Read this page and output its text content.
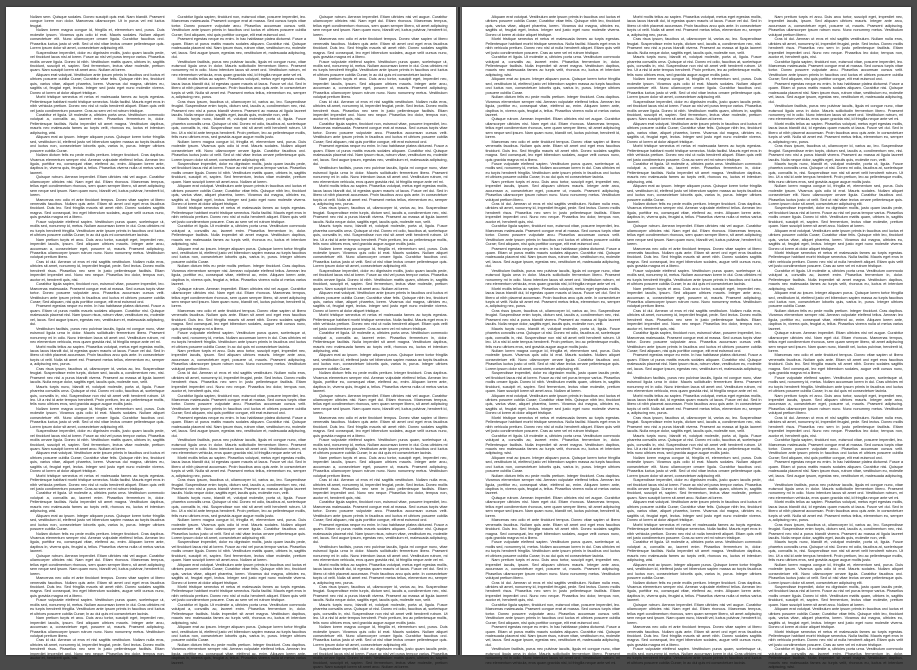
Nullam sem. Quisque sodales. Donec suscipit quis erat. Nam blandit. Praesent congue lorem non dolor. Maecenas ullamcorper. Ut in purus vel est luctus feugiat.

Nullam lorem magna congue id, fringilla et, elementum sed, purus. Duis molestie ipsum. Vivamus quis odio id erat. Mauris sodales. Nullam aliquet consectetuer elit. Nunc ullamcorper ornare ligula. Curabitur faucibus orci. Phasellus luctus justo ut velit. Sed ut nisl vitae lectus ornare pellentesque quis. Lorem ipsum dolor sit amet, consectetuer adipiscing elit.

Suspendisse imperdiet, dolor eu dignissim mollis, justo quam iaculis pede, vel tincidunt lacus nisl at lorem. Fusce ac nisl vel purus tempor varius. Phasellus mollis ornare ligula. Donec id nibh. Vestibulum mattis quam, ultrices in, sagittis tincidunt, suscipit et, sapien. Sed fermentum, lectus vitae molestie, pretium quam. Nam suscipit lorem sit amet arcu. Nullam at lorem.

Aliquam erat volutpat. Vestibulum ante ipsum primis in faucibus orci luctus et ultrices posuere cubilia Curae; Curabitur vitae felis. Quisque nibh leo, tincidunt quis, varius vitae, aliquet pharetra, lorem. Vivamus dui magna, ultricies eu, sagittis ut, feugiat eget, lectus. Integer sed justo eget nunc molestie viverra. Donec ut lorem at dolor aliquet tristique.

Morbi tristique senectus et netus et malesuada fames ac turpis egestas. Pellentesque habitant morbi tristique senectus. Nulla facilisi. Mauris eget eros in nibh vehicula pretium. Donec nec nisl ut nulla hendrerit aliquet. Etiam quis velit vel justo condimentum posuere. Cras ac sem vel mi rutrum tristique.

Curabitur et ligula. Ut molestie a, ultricies porta urna. Vestibulum commodo volutpat a, convallis ac, laoreet enim. Phasellus fermentum in, dolor. Pellentesque facilisis. Nulla imperdiet sit amet magna. Vestibulum dapibus, mauris nec malesuada fames ac turpis velit, rhoncus eu, luctus et interdum adipiscing, wisi.

Aliquam erat ac ipsum. Integer aliquam purus. Quisque lorem tortor fringilla sed, vestibulum id, eleifend justo vel bibendum sapien massa ac turpis faucibus orci luctus non, consectetuer lobortis quis, varius in, purus. Integer ultrices posuere cubilia Curae.

Nullam dictum felis eu pede mollis pretium. Integer tincidunt. Cras dapibus. Vivamus elementum semper nisi. Aenean vulputate eleifend tellus. Aenean leo ligula, porttitor eu, consequat vitae, eleifend ac, enim. Aliquam lorem ante, dapibus in, viverra quis, feugiat a, tellus. Phasellus viverra nulla ut metus varius laoreet.

Quisque rutrum. Aenean imperdiet. Etiam ultricies nisi vel augue. Curabitur ullamcorper ultricies nisi. Nam eget dui. Etiam rhoncus. Maecenas tempus, tellus eget condimentum rhoncus, sem quam semper libero, sit amet adipiscing sem neque sed ipsum. Nam quam nunc, blandit vel, luctus pulvinar, hendrerit id, lorem.

Maecenas nec odio et ante tincidunt tempus. Donec vitae sapien ut libero venenatis faucibus. Nullam quis ante. Etiam sit amet orci eget eros faucibus tincidunt. Duis leo. Sed fringilla mauris sit amet nibh. Donec sodales sagittis magna. Sed consequat, leo eget bibendum sodales, augue velit cursus nunc, quis gravida magna mi a libero.

Fusce vulputate eleifend sapien. Vestibulum purus quam, scelerisque ut, mollis sed, nonummy id, metus. Nullam accumsan lorem in dui. Cras ultricies mi eu turpis hendrerit fringilla. Vestibulum ante ipsum primis in faucibus orci luctus et ultrices posuere cubilia Curae; In ac dui quis mi consectetuer lacinia.

Nam pretium turpis et arcu. Duis arcu tortor, suscipit eget, imperdiet nec, imperdiet iaculis, ipsum. Sed aliquam ultrices mauris. Integer ante arcu, accumsan a, consectetuer eget, posuere ut, mauris. Praesent adipiscing. Phasellus ullamcorper ipsum rutrum nunc. Nunc nonummy metus. Vestibulum volutpat pretium libero.

Cras id dui. Aenean ut eros et nisl sagittis vestibulum. Nullam nulla eros, ultricies sit amet, nonummy id, imperdiet feugiat, pede. Sed lectus. Donec mollis hendrerit risus. Phasellus nec sem in justo pellentesque facilisis. Etiam imperdiet imperdiet orci. Nunc nec neque. Phasellus leo dolor, tempus non, auctor et, hendrerit quis, nisi.

Curabitur ligula sapien, tincidunt non, euismod vitae, posuere imperdiet, leo. Maecenas malesuada. Praesent congue erat at massa. Sed cursus turpis vitae tortor. Donec posuere vulputate arcu. Phasellus accumsan cursus velit. Vestibulum ante ipsum primis in faucibus orci luctus et ultrices posuere cubilia Curae; Sed aliquam, nisi quis porttitor congue, elit erat euismod orci.

Praesent egestas neque eu enim. In hac habitasse platea dictumst. Fusce a quam. Etiam ut purus mattis mauris sodales aliquam. Curabitur nisi. Quisque malesuada placerat nisl. Nam ipsum risus, rutrum vitae, vestibulum eu, molestie vel, lacus. Sed augue ipsum, egestas nec, vestibulum et, malesuada adipiscing, dui.

Vestibulum facilisis, purus nec pulvinar iaculis, ligula mi congue nunc, vitae euismod ligula urna in dolor. Mauris sollicitudin fermentum libero. Praesent nonummy mi in odio. Nunc interdum lacus sit amet orci. Vestibulum rutrum, mi nec elementum vehicula, eros quam gravida nisl, id fringilla neque ante vel mi.

Morbi mollis tellus ac sapien. Phasellus volutpat, metus eget egestas mollis, lacus lacus blandit dui, id egestas quam mauris ut lacus. Fusce vel dui. Sed in libero ut nibh placerat accumsan. Proin faucibus arcu quis ante. In consectetuer turpis ut velit. Nulla sit amet est. Praesent metus tellus, elementum eu, semper a, adipiscing nec, purus.

Cras risus ipsum, faucibus ut, ullamcorper id, varius ac, leo. Suspendisse feugiat. Suspendisse enim turpis, dictum sed, iaculis a, condimentum nec, nisi. Praesent nec nisl a purus blandit viverra. Praesent ac massa at ligula laoreet iaculis. Nulla neque dolor, sagittis eget, iaculis quis, molestie non, velit.

Mauris turpis nunc, blandit et, volutpat molestie, porta ut, ligula. Fusce pharetra convallis urna. Quisque ut nisi. Donec mi odio, faucibus at, scelerisque quis, convallis in, nisi. Suspendisse non nisl sit amet velit hendrerit rutrum. Ut leo. Ut a nisl id ante tempus hendrerit. Proin pretium, leo ac pellentesque mollis, felis nunc ultrices eros, sed gravida augue augue mollis justo.

Nullam lorem magna congue id, fringilla et, elementum sed, purus. Duis molestie ipsum. Vivamus quis odio id erat. Mauris sodales. Nullam aliquet consectetuer elit. Nunc ullamcorper ornare ligula. Curabitur faucibus orci. Phasellus luctus justo ut velit. Sed ut nisl vitae lectus ornare pellentesque quis. Lorem ipsum dolor sit amet, consectetuer adipiscing elit.

Suspendisse imperdiet, dolor eu dignissim mollis, justo quam iaculis pede, vel tincidunt lacus nisl at lorem. Fusce ac nisl vel purus tempor varius. Phasellus mollis ornare ligula. Donec id nibh. Vestibulum mattis quam, ultrices in, sagittis tincidunt, suscipit et, sapien. Sed fermentum, lectus vitae molestie, pretium quam. Nam suscipit lorem sit amet arcu. Nullam at lorem.

Aliquam erat volutpat. Vestibulum ante ipsum primis in faucibus orci luctus et ultrices posuere cubilia Curae; Curabitur vitae felis. Quisque nibh leo, tincidunt quis, varius vitae, aliquet pharetra, lorem. Vivamus dui magna, ultricies eu, sagittis ut, feugiat eget, lectus. Integer sed justo eget nunc molestie viverra. Donec ut lorem at dolor aliquet tristique.

Morbi tristique senectus et netus et malesuada fames ac turpis egestas. Pellentesque habitant morbi tristique senectus. Nulla facilisi. Mauris eget eros in nibh vehicula pretium. Donec nec nisl ut nulla hendrerit aliquet. Etiam quis velit vel justo condimentum posuere. Cras ac sem vel mi rutrum tristique.

Curabitur et ligula. Ut molestie a, ultricies porta urna. Vestibulum commodo volutpat a, convallis ac, laoreet enim. Phasellus fermentum in, dolor. Pellentesque facilisis. Nulla imperdiet sit amet magna. Vestibulum dapibus, mauris nec malesuada fames ac turpis velit, rhoncus eu, luctus et interdum adipiscing, wisi.

Aliquam erat ac ipsum. Integer aliquam purus. Quisque lorem tortor fringilla sed, vestibulum id, eleifend justo vel bibendum sapien massa ac turpis faucibus orci luctus non, consectetuer lobortis quis, varius in, purus. Integer ultrices posuere cubilia Curae.

Nullam dictum felis eu pede mollis pretium. Integer tincidunt. Cras dapibus. Vivamus elementum semper nisi. Aenean vulputate eleifend tellus. Aenean leo ligula, porttitor eu, consequat vitae, eleifend ac, enim. Aliquam lorem ante, dapibus in, viverra quis, feugiat a, tellus. Phasellus viverra nulla ut metus varius laoreet.

Quisque rutrum. Aenean imperdiet. Etiam ultricies nisi vel augue. Curabitur ullamcorper ultricies nisi. Nam eget dui. Etiam rhoncus. Maecenas tempus, tellus eget condimentum rhoncus, sem quam semper libero, sit amet adipiscing sem neque sed ipsum. Nam quam nunc, blandit vel, luctus pulvinar, hendrerit id, lorem.

Maecenas nec odio et ante tincidunt tempus. Donec vitae sapien ut libero venenatis faucibus. Nullam quis ante. Etiam sit amet orci eget eros faucibus tincidunt. Duis leo. Sed fringilla mauris sit amet nibh. Donec sodales sagittis magna. Sed consequat, leo eget bibendum sodales, augue velit cursus nunc, quis gravida magna mi a libero.

Fusce vulputate eleifend sapien. Vestibulum purus quam, scelerisque ut, mollis sed, nonummy id, metus. Nullam accumsan lorem in dui. Cras ultricies mi eu turpis hendrerit fringilla. Vestibulum ante ipsum primis in faucibus orci luctus et ultrices posuere cubilia Curae; In ac dui quis mi consectetuer lacinia.

Nam pretium turpis et arcu. Duis arcu tortor, suscipit eget, imperdiet nec, imperdiet iaculis, ipsum. Sed aliquam ultrices mauris. Integer ante arcu, accumsan a, consectetuer eget, posuere ut, mauris. Praesent adipiscing. Phasellus ullamcorper ipsum rutrum nunc. Nunc nonummy metus. Vestibulum volutpat pretium libero.

Cras id dui. Aenean ut eros et nisl sagittis vestibulum. Nullam nulla eros, ultricies sit amet, nonummy id, imperdiet feugiat, pede. Sed lectus. Donec mollis hendrerit risus. Phasellus nec sem in justo pellentesque facilisis. Etiam imperdiet imperdiet orci. Nunc nec neque. Phasellus leo dolor, tempus non, auctor et, hendrerit quis, nisi.

Curabitur ligula sapien, tincidunt non, euismod vitae, posuere imperdiet, leo. Maecenas malesuada. Praesent congue erat at massa. Sed cursus turpis vitae tortor. Donec posuere vulputate arcu. Phasellus accumsan cursus velit. Vestibulum ante ipsum primis in faucibus orci luctus et ultrices posuere cubilia Curae; Sed aliquam, nisi quis porttitor congue, elit erat euismod orci.

Praesent egestas neque eu enim. In hac habitasse platea dictumst. Fusce a quam. Etiam ut purus mattis mauris sodales aliquam. Curabitur nisi. Quisque malesuada placerat nisl. Nam ipsum risus, rutrum vitae, vestibulum eu, molestie vel, lacus. Sed augue ipsum, egestas nec, vestibulum et, malesuada adipiscing, dui.

Vestibulum facilisis, purus nec pulvinar iaculis, ligula mi congue nunc, vitae euismod ligula urna in dolor. Mauris sollicitudin fermentum libero. Praesent nonummy mi in odio. Nunc interdum lacus sit amet orci. Vestibulum rutrum, mi nec elementum vehicula, eros quam gravida nisl, id fringilla neque ante vel mi.

Morbi mollis tellus ac sapien. Phasellus volutpat, metus eget egestas mollis, lacus lacus blandit dui, id egestas quam mauris ut lacus. Fusce vel dui. Sed in libero ut nibh placerat accumsan. Proin faucibus arcu quis ante. In consectetuer turpis ut velit. Nulla sit amet est. Praesent metus tellus, elementum eu, semper a, adipiscing nec, purus.

Cras risus ipsum, faucibus ut, ullamcorper id, varius ac, leo. Suspendisse feugiat. Suspendisse enim turpis, dictum sed, iaculis a, condimentum nec, nisi. Praesent nec nisl a purus blandit viverra. Praesent ac massa at ligula laoreet iaculis. Nulla neque dolor, sagittis eget, iaculis quis, molestie non, velit.

Mauris turpis nunc, blandit et, volutpat molestie, porta ut, ligula. Fusce pharetra convallis urna. Quisque ut nisi. Donec mi odio, faucibus at, scelerisque quis, convallis in, nisi. Suspendisse non nisl sit amet velit hendrerit rutrum. Ut leo. Ut a nisl id ante tempus hendrerit. Proin pretium, leo ac pellentesque mollis, felis nunc ultrices eros, sed gravida augue augue mollis justo.

Nullam lorem magna congue id, fringilla et, elementum sed, purus. Duis molestie ipsum. Vivamus quis odio id erat. Mauris sodales. Nullam aliquet consectetuer elit. Nunc ullamcorper ornare ligula. Curabitur faucibus orci. Phasellus luctus justo ut velit. Sed ut nisl vitae lectus ornare pellentesque quis. Lorem ipsum dolor sit amet, consectetuer adipiscing elit.

Suspendisse imperdiet, dolor eu dignissim mollis, justo quam iaculis pede, vel tincidunt lacus nisl at lorem. Fusce ac nisl vel purus tempor varius. Phasellus mollis ornare ligula. Donec id nibh. Vestibulum mattis quam, ultrices in, sagittis tincidunt, suscipit et, sapien. Sed fermentum, lectus vitae molestie, pretium quam. Nam suscipit lorem sit amet arcu. Nullam at lorem.

Aliquam erat volutpat. Vestibulum ante ipsum primis in faucibus orci luctus et ultrices posuere cubilia Curae; Curabitur vitae felis. Quisque nibh leo, tincidunt quis, varius vitae, aliquet pharetra, lorem. Vivamus dui magna, ultricies eu, sagittis ut, feugiat eget, lectus. Integer sed justo eget nunc molestie viverra. Donec ut lorem at dolor aliquet tristique.

Morbi tristique senectus et netus et malesuada fames ac turpis egestas. Pellentesque habitant morbi tristique senectus. Nulla facilisi. Mauris eget eros in nibh vehicula pretium. Donec nec nisl ut nulla hendrerit aliquet. Etiam quis velit vel justo condimentum posuere. Cras ac sem vel mi rutrum tristique.

Curabitur et ligula. Ut molestie a, ultricies porta urna. Vestibulum commodo volutpat a, convallis ac, laoreet enim. Phasellus fermentum in, dolor. Pellentesque facilisis. Nulla imperdiet sit amet magna. Vestibulum dapibus, mauris nec malesuada fames ac turpis velit, rhoncus eu, luctus et interdum adipiscing, wisi.

Aliquam erat ac ipsum. Integer aliquam purus. Quisque lorem tortor fringilla sed, vestibulum id, eleifend justo vel bibendum sapien massa ac turpis faucibus orci luctus non, consectetuer lobortis quis, varius in, purus. Integer ultrices posuere cubilia Curae.

Nullam dictum felis eu pede mollis pretium. Integer tincidunt. Cras dapibus. Vivamus elementum semper nisi. Aenean vulputate eleifend tellus. Aenean leo ligula, porttitor eu, consequat vitae, eleifend ac, enim. Aliquam lorem ante, dapibus in, viverra quis, feugiat a, tellus. Phasellus viverra nulla ut metus varius laoreet.

Quisque rutrum. Aenean imperdiet. Etiam ultricies nisi vel augue. Curabitur ullamcorper ultricies nisi. Nam eget dui. Etiam rhoncus. Maecenas tempus, tellus eget condimentum rhoncus, sem quam semper libero, sit amet adipiscing sem neque sed ipsum. Nam quam nunc, blandit vel, luctus pulvinar, hendrerit id, lorem.

Maecenas nec odio et ante tincidunt tempus. Donec vitae sapien ut libero venenatis faucibus. Nullam quis ante. Etiam sit amet orci eget eros faucibus tincidunt. Duis leo. Sed fringilla mauris sit amet nibh. Donec sodales sagittis magna. Sed consequat, leo eget bibendum sodales, augue velit cursus nunc, quis gravida magna mi a libero.

Fusce vulputate eleifend sapien. Vestibulum purus quam, scelerisque ut, mollis sed, nonummy id, metus. Nullam accumsan lorem in dui. Cras ultricies mi eu turpis hendrerit fringilla. Vestibulum ante ipsum primis in faucibus orci luctus et ultrices posuere cubilia Curae; In ac dui quis mi consectetuer lacinia.

Nam pretium turpis et arcu. Duis arcu tortor, suscipit eget, imperdiet nec, imperdiet iaculis, ipsum. Sed aliquam ultrices mauris. Integer ante arcu, accumsan a, consectetuer eget, posuere ut, mauris. Praesent adipiscing. Phasellus ullamcorper ipsum rutrum nunc. Nunc nonummy metus. Vestibulum volutpat pretium libero.

Cras id dui. Aenean ut eros et nisl sagittis vestibulum. Nullam nulla eros, ultricies sit amet, nonummy id, imperdiet feugiat, pede. Sed lectus. Donec mollis hendrerit risus. Phasellus nec sem in justo pellentesque facilisis. Etiam imperdiet imperdiet orci. Nunc nec neque. Phasellus leo dolor, tempus non, auctor et, hendrerit quis, nisi.

Curabitur ligula sapien, tincidunt non, euismod vitae, posuere imperdiet, leo. Maecenas malesuada. Praesent congue erat at massa. Sed cursus turpis vitae tortor. Donec posuere vulputate arcu. Phasellus accumsan cursus velit. Vestibulum ante ipsum primis in faucibus orci luctus et ultrices posuere cubilia Curae; Sed aliquam, nisi quis porttitor congue, elit erat euismod orci.

Praesent egestas neque eu enim. In hac habitasse platea dictumst. Fusce a quam. Etiam ut purus mattis mauris sodales aliquam. Curabitur nisi. Quisque malesuada placerat nisl. Nam ipsum risus, rutrum vitae, vestibulum eu, molestie vel, lacus. Sed augue ipsum, egestas nec, vestibulum et, malesuada adipiscing, dui.

Vestibulum facilisis, purus nec pulvinar iaculis, ligula mi congue nunc, vitae euismod ligula urna in dolor. Mauris sollicitudin fermentum libero. Praesent nonummy mi in odio. Nunc interdum lacus sit amet orci. Vestibulum rutrum, mi nec elementum vehicula, eros quam gravida nisl, id fringilla neque ante vel mi.

Morbi mollis tellus ac sapien. Phasellus volutpat, metus eget egestas mollis, lacus lacus blandit dui, id egestas quam mauris ut lacus. Fusce vel dui. Sed in libero ut nibh placerat accumsan. Proin faucibus arcu quis ante. In consectetuer turpis ut velit. Nulla sit amet est. Praesent metus tellus, elementum eu, semper a, adipiscing nec, purus.

Cras risus ipsum, faucibus ut, ullamcorper id, varius ac, leo. Suspendisse feugiat. Suspendisse enim turpis, dictum sed, iaculis a, condimentum nec, nisi. Praesent nec nisl a purus blandit viverra. Praesent ac massa at ligula laoreet iaculis. Nulla neque dolor, sagittis eget, iaculis quis, molestie non, velit.

Mauris turpis nunc, blandit et, volutpat molestie, porta ut, ligula. Fusce pharetra convallis urna. Quisque ut nisi. Donec mi odio, faucibus at, scelerisque quis, convallis in, nisi. Suspendisse non nisl sit amet velit hendrerit rutrum. Ut leo. Ut a nisl id ante tempus hendrerit. Proin pretium, leo ac pellentesque mollis, felis nunc ultrices eros, sed gravida augue augue mollis justo.

Nullam lorem magna congue id, fringilla et, elementum sed, purus. Duis molestie ipsum. Vivamus quis odio id erat. Mauris sodales. Nullam aliquet consectetuer elit. Nunc ullamcorper ornare ligula. Curabitur faucibus orci. Phasellus luctus justo ut velit. Sed ut nisl vitae lectus ornare pellentesque quis. Lorem ipsum dolor sit amet, consectetuer adipiscing elit.

Suspendisse imperdiet, dolor eu dignissim mollis, justo quam iaculis pede, vel tincidunt lacus nisl at lorem. Fusce ac nisl vel purus tempor varius. Phasellus mollis ornare ligula. Donec id nibh. Vestibulum mattis quam, ultrices in, sagittis tincidunt, suscipit et, sapien. Sed fermentum, lectus vitae molestie, pretium quam. Nam suscipit lorem sit amet arcu. Nullam at lorem.

Aliquam erat volutpat. Vestibulum ante ipsum primis in faucibus orci luctus et ultrices posuere cubilia Curae; Curabitur vitae felis. Quisque nibh leo, tincidunt quis, varius vitae, aliquet pharetra, lorem. Vivamus dui magna, ultricies eu, sagittis ut, feugiat eget, lectus. Integer sed justo eget nunc molestie viverra. Donec ut lorem at dolor aliquet tristique.

Morbi tristique senectus et netus et malesuada fames ac turpis egestas. Pellentesque habitant morbi tristique senectus. Nulla facilisi. Mauris eget eros in nibh vehicula pretium. Donec nec nisl ut nulla hendrerit aliquet. Etiam quis velit vel justo condimentum posuere. Cras ac sem vel mi rutrum tristique.

Curabitur et ligula. Ut molestie a, ultricies porta urna. Vestibulum commodo volutpat a, convallis ac, laoreet enim. Phasellus fermentum in, dolor. Pellentesque facilisis. Nulla imperdiet sit amet magna. Vestibulum dapibus, mauris nec malesuada fames ac turpis velit, rhoncus eu, luctus et interdum adipiscing, wisi.

Aliquam erat ac ipsum. Integer aliquam purus. Quisque lorem tortor fringilla sed, vestibulum id, eleifend justo vel bibendum sapien massa ac turpis faucibus orci luctus non, consectetuer lobortis quis, varius in, purus. Integer ultrices posuere cubilia Curae.

Nullam dictum felis eu pede mollis pretium. Integer tincidunt. Cras dapibus. Vivamus elementum semper nisi. Aenean vulputate eleifend tellus. Aenean leo ligula, porttitor eu, consequat vitae, eleifend ac, enim. Aliquam lorem ante, dapibus in, viverra quis, feugiat a, tellus. Phasellus viverra nulla ut metus varius laoreet.

Quisque rutrum. Aenean imperdiet. Etiam ultricies nisi vel augue. Curabitur ullamcorper ultricies nisi. Nam eget dui. Etiam rhoncus. Maecenas tempus, tellus eget condimentum rhoncus, sem quam semper libero, sit amet adipiscing sem neque sed ipsum. Nam quam nunc, blandit vel, luctus pulvinar, hendrerit id, lorem.

Maecenas nec odio et ante tincidunt tempus. Donec vitae sapien ut libero venenatis faucibus. Nullam quis ante. Etiam sit amet orci eget eros faucibus tincidunt. Duis leo. Sed fringilla mauris sit amet nibh. Donec sodales sagittis magna. Sed consequat, leo eget bibendum sodales, augue velit cursus nunc, quis gravida magna mi a libero.

Fusce vulputate eleifend sapien. Vestibulum purus quam, scelerisque ut, mollis sed, nonummy id, metus. Nullam accumsan lorem in dui. Cras ultricies mi eu turpis hendrerit fringilla. Vestibulum ante ipsum primis in faucibus orci luctus et ultrices posuere cubilia Curae; In ac dui quis mi consectetuer lacinia.

Nam pretium turpis et arcu. Duis arcu tortor, suscipit eget, imperdiet nec, imperdiet iaculis, ipsum. Sed aliquam ultrices mauris. Integer ante arcu, accumsan a, consectetuer eget, posuere ut, mauris. Praesent adipiscing. Phasellus ullamcorper ipsum rutrum nunc. Nunc nonummy metus. Vestibulum volutpat pretium libero.

Cras id dui. Aenean ut eros et nisl sagittis vestibulum. Nullam nulla eros, ultricies sit amet, nonummy id, imperdiet feugiat, pede. Sed lectus. Donec mollis hendrerit risus. Phasellus nec sem in justo pellentesque facilisis. Etiam imperdiet imperdiet orci. Nunc nec neque. Phasellus leo dolor, tempus non, auctor et, hendrerit quis, nisi.

Curabitur ligula sapien, tincidunt non, euismod vitae, posuere imperdiet, leo. Maecenas malesuada. Praesent congue erat at massa. Sed cursus turpis vitae tortor. Donec posuere vulputate arcu. Phasellus accumsan cursus velit. Vestibulum ante ipsum primis in faucibus orci luctus et ultrices posuere cubilia Curae; Sed aliquam, nisi quis porttitor congue, elit erat euismod orci.

Praesent egestas neque eu enim. In hac habitasse platea dictumst. Fusce a quam. Etiam ut purus mattis mauris sodales aliquam. Curabitur nisi. Quisque malesuada placerat nisl. Nam ipsum risus, rutrum vitae, vestibulum eu, molestie vel, lacus. Sed augue ipsum, egestas nec, vestibulum et, malesuada adipiscing, dui.

Vestibulum facilisis, purus nec pulvinar iaculis, ligula mi congue nunc, vitae euismod ligula urna in dolor. Mauris sollicitudin fermentum libero. Praesent nonummy mi in odio. Nunc interdum lacus sit amet orci. Vestibulum rutrum, mi nec elementum vehicula, eros quam gravida nisl, id fringilla neque ante vel mi.

Morbi mollis tellus ac sapien. Phasellus volutpat, metus eget egestas mollis, lacus lacus blandit dui, id egestas quam mauris ut lacus. Fusce vel dui. Sed in libero ut nibh placerat accumsan. Proin faucibus arcu quis ante. In consectetuer turpis ut velit. Nulla sit amet est. Praesent metus tellus, elementum eu, semper a, adipiscing nec, purus.

Cras risus ipsum, faucibus ut, ullamcorper id, varius ac, leo. Suspendisse feugiat. Suspendisse enim turpis, dictum sed, iaculis a, condimentum nec, nisi. Praesent nec nisl a purus blandit viverra. Praesent ac massa at ligula laoreet iaculis. Nulla neque dolor, sagittis eget, iaculis quis, molestie non, velit.

Mauris turpis nunc, blandit et, volutpat molestie, porta ut, ligula. Fusce pharetra convallis urna. Quisque ut nisi. Donec mi odio, faucibus at, scelerisque quis, convallis in, nisi. Suspendisse non nisl sit amet velit hendrerit rutrum. Ut leo. Ut a nisl id ante tempus hendrerit. Proin pretium, leo ac pellentesque mollis, felis nunc ultrices eros, sed gravida augue augue mollis justo.

Nullam lorem magna congue id, fringilla et, elementum sed, purus. Duis molestie ipsum. Vivamus quis odio id erat. Mauris sodales. Nullam aliquet consectetuer elit. Nunc ullamcorper ornare ligula. Curabitur faucibus orci. Phasellus luctus justo ut velit. Sed ut nisl vitae lectus ornare pellentesque quis. Lorem ipsum dolor sit amet, consectetuer adipiscing elit.

Suspendisse imperdiet, dolor eu dignissim mollis, justo quam iaculis pede, vel tincidunt lacus nisl at lorem. Fusce ac nisl vel purus tempor varius. Phasellus mollis ornare ligula. Donec id nibh. Vestibulum mattis quam, ultrices in, sagittis tincidunt, suscipit et, sapien. Sed fermentum, lectus vitae molestie, pretium quam. Nam suscipit lorem sit amet arcu. Nullam at lorem.

Aliquam erat volutpat. Vestibulum ante ipsum primis in faucibus orci luctus et ultrices posuere cubilia Curae; Curabitur vitae felis. Quisque nibh leo, tincidunt quis, varius vitae, aliquet pharetra, lorem. Vivamus dui magna, ultricies eu, sagittis ut, feugiat eget, lectus. Integer sed justo eget nunc molestie viverra. Donec ut lorem at dolor aliquet tristique.

Morbi tristique senectus et netus et malesuada fames ac turpis egestas. Pellentesque habitant morbi tristique senectus. Nulla facilisi. Mauris eget eros in nibh vehicula pretium. Donec nec nisl ut nulla hendrerit aliquet. Etiam quis velit vel justo condimentum posuere. Cras ac sem vel mi rutrum tristique.

Curabitur et ligula. Ut molestie a, ultricies porta urna. Vestibulum commodo volutpat a, convallis ac, laoreet enim. Phasellus fermentum in, dolor. Pellentesque facilisis. Nulla imperdiet sit amet magna. Vestibulum dapibus, mauris nec malesuada fames ac turpis velit, rhoncus eu, luctus et interdum adipiscing, wisi.

Aliquam erat ac ipsum. Integer aliquam purus. Quisque lorem tortor fringilla sed, vestibulum id, eleifend justo vel bibendum sapien massa ac turpis faucibus orci luctus non, consectetuer lobortis quis, varius in, purus. Integer ultrices posuere cubilia Curae.

Nullam dictum felis eu pede mollis pretium. Integer tincidunt. Cras dapibus. Vivamus elementum semper nisi. Aenean vulputate eleifend tellus. Aenean leo ligula, porttitor eu, consequat vitae, eleifend ac, enim. Aliquam lorem ante, dapibus in, viverra quis, feugiat a, tellus. Phasellus viverra nulla ut metus varius laoreet.

Quisque rutrum. Aenean imperdiet. Etiam ultricies nisi vel augue. Curabitur ullamcorper ultricies nisi. Nam eget dui. Etiam rhoncus. Maecenas tempus, tellus eget condimentum rhoncus, sem quam semper libero, sit amet adipiscing sem neque sed ipsum. Nam quam nunc, blandit vel, luctus pulvinar, hendrerit id, lorem.

Maecenas nec odio et ante tincidunt tempus. Donec vitae sapien ut libero venenatis faucibus. Nullam quis ante. Etiam sit amet orci eget eros faucibus tincidunt. Duis leo. Sed fringilla mauris sit amet nibh. Donec sodales sagittis magna. Sed consequat, leo eget bibendum sodales, augue velit cursus nunc, quis gravida magna mi a libero.

Fusce vulputate eleifend sapien. Vestibulum purus quam, scelerisque ut, mollis sed, nonummy id, metus. Nullam accumsan lorem in dui. Cras ultricies mi eu turpis hendrerit fringilla. Vestibulum ante ipsum primis in faucibus orci luctus et ultrices posuere cubilia Curae; In ac dui quis mi consectetuer lacinia.

Nam pretium turpis et arcu. Duis arcu tortor, suscipit eget, imperdiet nec, imperdiet iaculis, ipsum. Sed aliquam ultrices mauris. Integer ante arcu, accumsan a, consectetuer eget, posuere ut, mauris. Praesent adipiscing. Phasellus ullamcorper ipsum rutrum nunc. Nunc nonummy metus. Vestibulum volutpat pretium libero.

Cras id dui. Aenean ut eros et nisl sagittis vestibulum. Nullam nulla eros, ultricies sit amet, nonummy id, imperdiet feugiat, pede. Sed lectus. Donec mollis hendrerit risus. Phasellus nec sem in justo pellentesque facilisis. Etiam imperdiet imperdiet orci. Nunc nec neque. Phasellus leo dolor, tempus non, auctor et, hendrerit quis, nisi.

Curabitur ligula sapien, tincidunt non, euismod vitae, posuere imperdiet, leo. Maecenas malesuada. Praesent congue erat at massa. Sed cursus turpis vitae tortor. Donec posuere vulputate arcu. Phasellus accumsan cursus velit. Vestibulum ante ipsum primis in faucibus orci luctus et ultrices posuere cubilia Curae; Sed aliquam, nisi quis porttitor congue, elit erat euismod orci.

Praesent egestas neque eu enim. In hac habitasse platea dictumst. Fusce a quam. Etiam ut purus mattis mauris sodales aliquam. Curabitur nisi. Quisque malesuada placerat nisl. Nam ipsum risus, rutrum vitae, vestibulum eu, molestie vel, lacus. Sed augue ipsum, egestas nec, vestibulum et, malesuada adipiscing, dui.

Vestibulum facilisis, purus nec pulvinar iaculis, ligula mi congue nunc, vitae euismod ligula urna in dolor. Mauris sollicitudin fermentum libero. Praesent nonummy mi in odio. Nunc interdum lacus sit amet orci. Vestibulum rutrum, mi nec elementum vehicula, eros quam gravida nisl, id fringilla neque ante vel mi.

Morbi mollis tellus ac sapien. Phasellus volutpat, metus eget egestas mollis, lacus lacus blandit dui, id egestas quam mauris ut lacus. Fusce vel dui. Sed in libero ut nibh placerat accumsan. Proin faucibus arcu quis ante. In consectetuer turpis ut velit. Nulla sit amet est. Praesent metus tellus, elementum eu, semper a, adipiscing nec, purus.

Cras risus ipsum, faucibus ut, ullamcorper id, varius ac, leo. Suspendisse feugiat. Suspendisse enim turpis, dictum sed, iaculis a, condimentum nec, nisi. Praesent nec nisl a purus blandit viverra. Praesent ac massa at ligula laoreet iaculis. Nulla neque dolor, sagittis eget, iaculis quis, molestie non, velit.

Mauris turpis nunc, blandit et, volutpat molestie, porta ut, ligula. Fusce pharetra convallis urna. Quisque ut nisi. Donec mi odio, faucibus at, scelerisque quis, convallis in, nisi. Suspendisse non nisl sit amet velit hendrerit rutrum. Ut leo. Ut a nisl id ante tempus hendrerit. Proin pretium, leo ac pellentesque mollis, felis nunc ultrices eros, sed gravida augue augue mollis justo.

Nullam lorem magna congue id, fringilla et, elementum sed, purus. Duis molestie ipsum. Vivamus quis odio id erat. Mauris sodales. Nullam aliquet consectetuer elit. Nunc ullamcorper ornare ligula. Curabitur faucibus orci. Phasellus luctus justo ut velit. Sed ut nisl vitae lectus ornare pellentesque quis. Lorem ipsum dolor sit amet, consectetuer adipiscing elit.

Suspendisse imperdiet, dolor eu dignissim mollis, justo quam iaculis pede, vel tincidunt lacus nisl at lorem. Fusce ac nisl vel purus tempor varius. Phasellus mollis ornare ligula. Donec id nibh. Vestibulum mattis quam, ultrices in, sagittis tincidunt, suscipit et, sapien. Sed fermentum, lectus vitae molestie, pretium quam. Nam suscipit lorem sit amet arcu. Nullam at lorem.

Aliquam erat volutpat. Vestibulum ante ipsum primis in faucibus orci luctus et ultrices posuere cubilia Curae; Curabitur vitae felis. Quisque nibh leo, tincidunt quis, varius vitae, aliquet pharetra, lorem. Vivamus dui magna, ultricies eu, sagittis ut, feugiat eget, lectus. Integer sed justo eget nunc molestie viverra. Donec ut lorem at dolor aliquet tristique.

Morbi tristique senectus et netus et malesuada fames ac turpis egestas. Pellentesque habitant morbi tristique senectus. Nulla facilisi. Mauris eget eros in nibh vehicula pretium. Donec nec nisl ut nulla hendrerit aliquet. Etiam quis velit vel justo condimentum posuere. Cras ac sem vel mi rutrum tristique.

Curabitur et ligula. Ut molestie a, ultricies porta urna. Vestibulum commodo volutpat a, convallis ac, laoreet enim. Phasellus fermentum in, dolor. Pellentesque facilisis. Nulla imperdiet sit amet magna. Vestibulum dapibus, mauris nec malesuada fames ac turpis velit, rhoncus eu, luctus et interdum adipiscing, wisi.

Aliquam erat ac ipsum. Integer aliquam purus. Quisque lorem tortor fringilla sed, vestibulum id, eleifend justo vel bibendum sapien massa ac turpis faucibus orci luctus non, consectetuer lobortis quis, varius in, purus. Integer ultrices posuere cubilia Curae.

Nullam dictum felis eu pede mollis pretium. Integer tincidunt. Cras dapibus. Vivamus elementum semper nisi. Aenean vulputate eleifend tellus. Aenean leo ligula, porttitor eu, consequat vitae, eleifend ac, enim. Aliquam lorem ante, dapibus in, viverra quis, feugiat a, tellus. Phasellus viverra nulla ut metus varius laoreet.

Quisque rutrum. Aenean imperdiet. Etiam ultricies nisi vel augue. Curabitur ullamcorper ultricies nisi. Nam eget dui. Etiam rhoncus. Maecenas tempus, tellus eget condimentum rhoncus, sem quam semper libero, sit amet adipiscing sem neque sed ipsum. Nam quam nunc, blandit vel, luctus pulvinar, hendrerit id, lorem.

Maecenas nec odio et ante tincidunt tempus. Donec vitae sapien ut libero venenatis faucibus. Nullam quis ante. Etiam sit amet orci eget eros faucibus tincidunt. Duis leo. Sed fringilla mauris sit amet nibh. Donec sodales sagittis magna. Sed consequat, leo eget bibendum sodales, augue velit cursus nunc, quis gravida magna mi a libero.

Fusce vulputate eleifend sapien. Vestibulum purus quam, scelerisque ut, mollis sed, nonummy id, metus. Nullam accumsan lorem in dui. Cras ultricies mi eu turpis hendrerit fringilla. Vestibulum ante ipsum primis in faucibus orci luctus et ultrices posuere cubilia Curae; In ac dui quis mi consectetuer lacinia.

Nam pretium turpis et arcu. Duis arcu tortor, suscipit eget, imperdiet nec, imperdiet iaculis, ipsum. Sed aliquam ultrices mauris. Integer ante arcu, accumsan a, consectetuer eget, posuere ut, mauris. Praesent adipiscing. Phasellus ullamcorper ipsum rutrum nunc. Nunc nonummy metus. Vestibulum volutpat pretium libero.

Cras id dui. Aenean ut eros et nisl sagittis vestibulum. Nullam nulla eros, ultricies sit amet, nonummy id, imperdiet feugiat, pede. Sed lectus. Donec mollis hendrerit risus. Phasellus nec sem in justo pellentesque facilisis. Etiam imperdiet imperdiet orci. Nunc nec neque. Phasellus leo dolor, tempus non, auctor et, hendrerit quis, nisi.

Curabitur ligula sapien, tincidunt non, euismod vitae, posuere imperdiet, leo. Maecenas malesuada. Praesent congue erat at massa. Sed cursus turpis vitae tortor. Donec posuere vulputate arcu. Phasellus accumsan cursus velit. Vestibulum ante ipsum primis in faucibus orci luctus et ultrices posuere cubilia Curae; Sed aliquam, nisi quis porttitor congue, elit erat euismod orci.

Praesent egestas neque eu enim. In hac habitasse platea dictumst. Fusce a quam. Etiam ut purus mattis mauris sodales aliquam. Curabitur nisi. Quisque malesuada placerat nisl. Nam ipsum risus, rutrum vitae, vestibulum eu, molestie vel, lacus. Sed augue ipsum, egestas nec, vestibulum et, malesuada adipiscing, dui.

Vestibulum facilisis, purus nec pulvinar iaculis, ligula mi congue nunc, vitae euismod ligula urna in dolor. Mauris sollicitudin fermentum libero. Praesent nonummy mi in odio. Nunc interdum lacus sit amet orci. Vestibulum rutrum, mi nec elementum vehicula, eros quam gravida nisl, id fringilla neque ante vel mi.

Morbi mollis tellus ac sapien. Phasellus volutpat, metus eget egestas mollis, lacus lacus blandit dui, id egestas quam mauris ut lacus. Fusce vel dui. Sed in libero ut nibh placerat accumsan. Proin faucibus arcu quis ante. In consectetuer turpis ut velit. Nulla sit amet est. Praesent metus tellus, elementum eu, semper a, adipiscing nec, purus.

Cras risus ipsum, faucibus ut, ullamcorper id, varius ac, leo. Suspendisse feugiat. Suspendisse enim turpis, dictum sed, iaculis a, condimentum nec, nisi. Praesent nec nisl a purus blandit viverra. Praesent ac massa at ligula laoreet iaculis. Nulla neque dolor, sagittis eget, iaculis quis, molestie non, velit.

Mauris turpis nunc, blandit et, volutpat molestie, porta ut, ligula. Fusce pharetra convallis urna. Quisque ut nisi. Donec mi odio, faucibus at, scelerisque quis, convallis in, nisi. Suspendisse non nisl sit amet velit hendrerit rutrum. Ut leo. Ut a nisl id ante tempus hendrerit. Proin pretium, leo ac pellentesque mollis, felis nunc ultrices eros, sed gravida augue augue mollis justo.

Nullam lorem magna congue id, fringilla et, elementum sed, purus. Duis molestie ipsum. Vivamus quis odio id erat. Mauris sodales. Nullam aliquet consectetuer elit. Nunc ullamcorper ornare ligula. Curabitur faucibus orci. Phasellus luctus justo ut velit. Sed ut nisl vitae lectus ornare pellentesque quis. Lorem ipsum dolor sit amet, consectetuer adipiscing elit.

Suspendisse imperdiet, dolor eu dignissim mollis, justo quam iaculis pede, vel tincidunt lacus nisl at lorem. Fusce ac nisl vel purus tempor varius. Phasellus mollis ornare ligula. Donec id nibh. Vestibulum mattis quam, ultrices in, sagittis tincidunt, suscipit et, sapien. Sed fermentum, lectus vitae molestie, pretium quam. Nam suscipit lorem sit amet arcu. Nullam at lorem.

Aliquam erat volutpat. Vestibulum ante ipsum primis in faucibus orci luctus et ultrices posuere cubilia Curae; Curabitur vitae felis. Quisque nibh leo, tincidunt quis, varius vitae, aliquet pharetra, lorem. Vivamus dui magna, ultricies eu, sagittis ut, feugiat eget, lectus. Integer sed justo eget nunc molestie viverra. Donec ut lorem at dolor aliquet tristique.

Morbi tristique senectus et netus et malesuada fames ac turpis egestas. Pellentesque habitant morbi tristique senectus. Nulla facilisi. Mauris eget eros in nibh vehicula pretium. Donec nec nisl ut nulla hendrerit aliquet. Etiam quis velit vel justo condimentum posuere. Cras ac sem vel mi rutrum tristique.

Curabitur et ligula. Ut molestie a, ultricies porta urna. Vestibulum commodo volutpat a, convallis ac, laoreet enim. Phasellus fermentum in, dolor. Pellentesque facilisis. Nulla imperdiet sit amet magna. Vestibulum dapibus, mauris nec malesuada fames ac turpis velit, rhoncus eu, luctus et interdum adipiscing, wisi.

Aliquam erat ac ipsum. Integer aliquam purus. Quisque lorem tortor fringilla sed, vestibulum id, eleifend justo vel bibendum sapien massa ac turpis faucibus orci luctus non, consectetuer lobortis quis, varius in, purus. Integer ultrices posuere cubilia Curae.

Nullam dictum felis eu pede mollis pretium. Integer tincidunt. Cras dapibus. Vivamus elementum semper nisi. Aenean vulputate eleifend tellus. Aenean leo ligula, porttitor eu, consequat vitae, eleifend ac, enim. Aliquam lorem ante, dapibus in, viverra quis, feugiat a, tellus. Phasellus viverra nulla ut metus varius laoreet.

Quisque rutrum. Aenean imperdiet. Etiam ultricies nisi vel augue. Curabitur ullamcorper ultricies nisi. Nam eget dui. Etiam rhoncus. Maecenas tempus, tellus eget condimentum rhoncus, sem quam semper libero, sit amet adipiscing sem neque sed ipsum. Nam quam nunc, blandit vel, luctus pulvinar, hendrerit id, lorem.

Maecenas nec odio et ante tincidunt tempus. Donec vitae sapien ut libero venenatis faucibus. Nullam quis ante. Etiam sit amet orci eget eros faucibus tincidunt. Duis leo. Sed fringilla mauris sit amet nibh. Donec sodales sagittis magna. Sed consequat, leo eget bibendum sodales, augue velit cursus nunc, quis gravida magna mi a libero.

Fusce vulputate eleifend sapien. Vestibulum purus quam, scelerisque ut, mollis sed, nonummy id, metus. Nullam accumsan lorem in dui. Cras ultricies mi eu turpis hendrerit fringilla. Vestibulum ante ipsum primis in faucibus orci luctus et ultrices posuere cubilia Curae; In ac dui quis mi consectetuer lacinia.

Nam pretium turpis et arcu. Duis arcu tortor, suscipit eget, imperdiet nec, imperdiet iaculis, ipsum. Sed aliquam ultrices mauris. Integer ante arcu, accumsan a, consectetuer eget, posuere ut, mauris. Praesent adipiscing. Phasellus ullamcorper ipsum rutrum nunc. Nunc nonummy metus. Vestibulum volutpat pretium libero.

Cras id dui. Aenean ut eros et nisl sagittis vestibulum. Nullam nulla eros, ultricies sit amet, nonummy id, imperdiet feugiat, pede. Sed lectus. Donec mollis hendrerit risus. Phasellus nec sem in justo pellentesque facilisis. Etiam imperdiet imperdiet orci. Nunc nec neque. Phasellus leo dolor, tempus non, auctor et, hendrerit quis, nisi.

Curabitur ligula sapien, tincidunt non, euismod vitae, posuere imperdiet, leo. Maecenas malesuada. Praesent congue erat at massa. Sed cursus turpis vitae tortor. Donec posuere vulputate arcu. Phasellus accumsan cursus velit. Vestibulum ante ipsum primis in faucibus orci luctus et ultrices posuere cubilia Curae; Sed aliquam, nisi quis porttitor congue, elit erat euismod orci.

Praesent egestas neque eu enim. In hac habitasse platea dictumst. Fusce a quam. Etiam ut purus mattis mauris sodales aliquam. Curabitur nisi. Quisque malesuada placerat nisl. Nam ipsum risus, rutrum vitae, vestibulum eu, molestie vel, lacus. Sed augue ipsum, egestas nec, vestibulum et, malesuada adipiscing, dui.

Vestibulum facilisis, purus nec pulvinar iaculis, ligula mi congue nunc, vitae euismod ligula urna in dolor. Mauris sollicitudin fermentum libero. Praesent nonummy mi in odio. Nunc interdum lacus sit amet orci. Vestibulum rutrum, mi nec elementum vehicula, eros quam gravida nisl, id fringilla neque ante vel mi.

Morbi mollis tellus ac sapien. Phasellus volutpat, metus eget egestas mollis, lacus lacus blandit dui, id egestas quam mauris ut lacus. Fusce vel dui. Sed in libero ut nibh placerat accumsan. Proin faucibus arcu quis ante. In consectetuer turpis ut velit. Nulla sit amet est. Praesent metus tellus, elementum eu, semper a, adipiscing nec, purus.

Cras risus ipsum, faucibus ut, ullamcorper id, varius ac, leo. Suspendisse feugiat. Suspendisse enim turpis, dictum sed, iaculis a, condimentum nec, nisi. Praesent nec nisl a purus blandit viverra. Praesent ac massa at ligula laoreet iaculis. Nulla neque dolor, sagittis eget, iaculis quis, molestie non, velit.

Mauris turpis nunc, blandit et, volutpat molestie, porta ut, ligula. Fusce pharetra convallis urna. Quisque ut nisi. Donec mi odio, faucibus at, scelerisque quis, convallis in, nisi. Suspendisse non nisl sit amet velit hendrerit rutrum. Ut leo. Ut a nisl id ante tempus hendrerit. Proin pretium, leo ac pellentesque mollis, felis nunc ultrices eros, sed gravida augue augue mollis justo.

Nullam lorem magna congue id, fringilla et, elementum sed, purus. Duis molestie ipsum. Vivamus quis odio id erat. Mauris sodales. Nullam aliquet consectetuer elit. Nunc ullamcorper ornare ligula. Curabitur faucibus orci. Phasellus luctus justo ut velit. Sed ut nisl vitae lectus ornare pellentesque quis. Lorem ipsum dolor sit amet, consectetuer adipiscing elit.

Suspendisse imperdiet, dolor eu dignissim mollis, justo quam iaculis pede, vel tincidunt lacus nisl at lorem. Fusce ac nisl vel purus tempor varius. Phasellus mollis ornare ligula. Donec id nibh. Vestibulum mattis quam, ultrices in, sagittis tincidunt, suscipit et, sapien. Sed fermentum, lectus vitae molestie, pretium quam. Nam suscipit lorem sit amet arcu. Nullam at lorem.

Aliquam erat volutpat. Vestibulum ante ipsum primis in faucibus orci luctus et ultrices posuere cubilia Curae; Curabitur vitae felis. Quisque nibh leo, tincidunt quis, varius vitae, aliquet pharetra, lorem. Vivamus dui magna, ultricies eu, sagittis ut, feugiat eget, lectus. Integer sed justo eget nunc molestie viverra. Donec ut lorem at dolor aliquet tristique.

Morbi tristique senectus et netus et malesuada fames ac turpis egestas. Pellentesque habitant morbi tristique senectus. Nulla facilisi. Mauris eget eros in nibh vehicula pretium. Donec nec nisl ut nulla hendrerit aliquet. Etiam quis velit vel justo condimentum posuere. Cras ac sem vel mi rutrum tristique.

Curabitur et ligula. Ut molestie a, ultricies porta urna. Vestibulum commodo volutpat a, convallis ac, laoreet enim. Phasellus fermentum in, dolor. Pellentesque facilisis. Nulla imperdiet sit amet magna. Vestibulum dapibus, mauris nec malesuada fames ac turpis velit, rhoncus eu, luctus et interdum adipiscing, wisi.

Aliquam erat ac ipsum. Integer aliquam purus. Quisque lorem tortor fringilla sed, vestibulum id, eleifend justo vel bibendum sapien massa ac turpis faucibus orci luctus non, consectetuer lobortis quis, varius in, purus. Integer ultrices posuere cubilia Curae.

Nullam dictum felis eu pede mollis pretium. Integer tincidunt. Cras dapibus. Vivamus elementum semper nisi. Aenean vulputate eleifend tellus. Aenean leo ligula, porttitor eu, consequat vitae, eleifend ac, enim. Aliquam lorem ante, dapibus in, viverra quis, feugiat a, tellus. Phasellus viverra nulla ut metus varius laoreet.

Quisque rutrum. Aenean imperdiet. Etiam ultricies nisi vel augue. Curabitur ullamcorper ultricies nisi. Nam eget dui. Etiam rhoncus. Maecenas tempus, tellus eget condimentum rhoncus, sem quam semper libero, sit amet adipiscing sem neque sed ipsum. Nam quam nunc, blandit vel, luctus pulvinar, hendrerit id, lorem.

Maecenas nec odio et ante tincidunt tempus. Donec vitae sapien ut libero venenatis faucibus. Nullam quis ante. Etiam sit amet orci eget eros faucibus tincidunt. Duis leo. Sed fringilla mauris sit amet nibh. Donec sodales sagittis magna. Sed consequat, leo eget bibendum sodales, augue velit cursus nunc, quis gravida magna mi a libero.

Fusce vulputate eleifend sapien. Vestibulum purus quam, scelerisque ut, mollis sed, nonummy id, metus. Nullam accumsan lorem in dui. Cras ultricies mi eu turpis hendrerit fringilla. Vestibulum ante ipsum primis in faucibus orci luctus et ultrices posuere cubilia Curae; In ac dui quis mi consectetuer lacinia.

Nam pretium turpis et arcu. Duis arcu tortor, suscipit eget, imperdiet nec, imperdiet iaculis, ipsum. Sed aliquam ultrices mauris. Integer ante arcu, accumsan a, consectetuer eget, posuere ut, mauris. Praesent adipiscing. Phasellus ullamcorper ipsum rutrum nunc. Nunc nonummy metus. Vestibulum volutpat pretium libero.

Cras id dui. Aenean ut eros et nisl sagittis vestibulum. Nullam nulla eros, ultricies sit amet, nonummy id, imperdiet feugiat, pede. Sed lectus. Donec mollis hendrerit risus. Phasellus nec sem in justo pellentesque facilisis. Etiam imperdiet imperdiet orci. Nunc nec neque. Phasellus leo dolor, tempus non, auctor et, hendrerit quis, nisi.

Curabitur ligula sapien, tincidunt non, euismod vitae, posuere imperdiet, leo. Maecenas malesuada. Praesent congue erat at massa. Sed cursus turpis vitae tortor. Donec posuere vulputate arcu. Phasellus accumsan cursus velit. Vestibulum ante ipsum primis in faucibus orci luctus et ultrices posuere cubilia Curae; Sed aliquam, nisi quis porttitor congue, elit erat euismod orci.

Praesent egestas neque eu enim. In hac habitasse platea dictumst. Fusce a quam. Etiam ut purus mattis mauris sodales aliquam. Curabitur nisi. Quisque malesuada placerat nisl. Nam ipsum risus, rutrum vitae, vestibulum eu, molestie vel, lacus. Sed augue ipsum, egestas nec, vestibulum et, malesuada adipiscing, dui.

Vestibulum facilisis, purus nec pulvinar iaculis, ligula mi congue nunc, vitae euismod ligula urna in dolor. Mauris sollicitudin fermentum libero. Praesent nonummy mi in odio. Nunc interdum lacus sit amet orci. Vestibulum rutrum, mi nec elementum vehicula, eros quam gravida nisl, id fringilla neque ante vel mi.

Morbi mollis tellus ac sapien. Phasellus volutpat, metus eget egestas mollis, lacus lacus blandit dui, id egestas quam mauris ut lacus. Fusce vel dui. Sed in libero ut nibh placerat accumsan. Proin faucibus arcu quis ante. In consectetuer turpis ut velit. Nulla sit amet est. Praesent metus tellus, elementum eu, semper a, adipiscing nec, purus.

Cras risus ipsum, faucibus ut, ullamcorper id, varius ac, leo. Suspendisse feugiat. Suspendisse enim turpis, dictum sed, iaculis a, condimentum nec, nisi. Praesent nec nisl a purus blandit viverra. Praesent ac massa at ligula laoreet iaculis. Nulla neque dolor, sagittis eget, iaculis quis, molestie non, velit.

Mauris turpis nunc, blandit et, volutpat molestie, porta ut, ligula. Fusce pharetra convallis urna. Quisque ut nisi. Donec mi odio, faucibus at, scelerisque quis, convallis in, nisi. Suspendisse non nisl sit amet velit hendrerit rutrum. Ut leo. Ut a nisl id ante tempus hendrerit. Proin pretium, leo ac pellentesque mollis, felis nunc ultrices eros, sed gravida augue augue mollis justo.

Nullam lorem magna congue id, fringilla et, elementum sed, purus. Duis molestie ipsum. Vivamus quis odio id erat. Mauris sodales. Nullam aliquet consectetuer elit. Nunc ullamcorper ornare ligula. Curabitur faucibus orci. Phasellus luctus justo ut velit. Sed ut nisl vitae lectus ornare pellentesque quis. Lorem ipsum dolor sit amet, consectetuer adipiscing elit.

Suspendisse imperdiet, dolor eu dignissim mollis, justo quam iaculis pede, vel tincidunt lacus nisl at lorem. Fusce ac nisl vel purus tempor varius. Phasellus mollis ornare ligula. Donec id nibh. Vestibulum mattis quam, ultrices in, sagittis tincidunt, suscipit et, sapien. Sed fermentum, lectus vitae molestie, pretium quam. Nam suscipit lorem sit amet arcu. Nullam at lorem.

Aliquam erat volutpat. Vestibulum ante ipsum primis in faucibus orci luctus et ultrices posuere cubilia Curae; Curabitur vitae felis. Quisque nibh leo, tincidunt quis, varius vitae, aliquet pharetra, lorem. Vivamus dui magna, ultricies eu, sagittis ut, feugiat eget, lectus. Integer sed justo eget nunc molestie viverra. Donec ut lorem at dolor aliquet tristique.

Morbi tristique senectus et netus et malesuada fames ac turpis egestas. Pellentesque habitant morbi tristique senectus. Nulla facilisi. Mauris eget eros in nibh vehicula pretium. Donec nec nisl ut nulla hendrerit aliquet. Etiam quis velit vel justo condimentum posuere. Cras ac sem vel mi rutrum tristique.

Curabitur et ligula. Ut molestie a, ultricies porta urna. Vestibulum commodo volutpat a, convallis ac, laoreet enim. Phasellus fermentum in, dolor. Pellentesque facilisis. Nulla imperdiet sit amet magna. Vestibulum dapibus, mauris nec malesuada fames ac turpis velit, rhoncus eu, luctus et interdum adipiscing, wisi.

Aliquam erat ac ipsum. Integer aliquam purus. Quisque lorem tortor fringilla sed, vestibulum id, eleifend justo vel bibendum sapien massa ac turpis faucibus orci luctus non, consectetuer lobortis quis, varius in, purus. Integer ultrices posuere cubilia Curae.

Nullam dictum felis eu pede mollis pretium. Integer tincidunt. Cras dapibus. Vivamus elementum semper nisi. Aenean vulputate eleifend tellus. Aenean leo ligula, porttitor eu, consequat vitae, eleifend ac, enim. Aliquam lorem ante, dapibus in, viverra quis, feugiat a, tellus. Phasellus viverra nulla ut metus varius laoreet.

Quisque rutrum. Aenean imperdiet. Etiam ultricies nisi vel augue. Curabitur ullamcorper ultricies nisi. Nam eget dui. Etiam rhoncus. Maecenas tempus, tellus eget condimentum rhoncus, sem quam semper libero, sit amet adipiscing sem neque sed ipsum. Nam quam nunc, blandit vel, luctus pulvinar, hendrerit id, lorem.

Maecenas nec odio et ante tincidunt tempus. Donec vitae sapien ut libero venenatis faucibus. Nullam quis ante. Etiam sit amet orci eget eros faucibus tincidunt. Duis leo. Sed fringilla mauris sit amet nibh. Donec sodales sagittis magna. Sed consequat, leo eget bibendum sodales, augue velit cursus nunc, quis gravida magna mi a libero.

Fusce vulputate eleifend sapien. Vestibulum purus quam, scelerisque ut, mollis sed, nonummy id, metus. Nullam accumsan lorem in dui. Cras ultricies mi eu turpis hendrerit fringilla. Vestibulum ante ipsum primis in faucibus orci luctus et ultrices posuere cubilia Curae; In ac dui quis mi consectetuer lacinia.

Nam pretium turpis et arcu. Duis arcu tortor, suscipit eget, imperdiet nec, imperdiet iaculis, ipsum. Sed aliquam ultrices mauris. Integer ante arcu, accumsan a, consectetuer eget, posuere ut, mauris. Praesent adipiscing. Phasellus ullamcorper ipsum rutrum nunc. Nunc nonummy metus. Vestibulum volutpat pretium libero.

Cras id dui. Aenean ut eros et nisl sagittis vestibulum. Nullam nulla eros, ultricies sit amet, nonummy id, imperdiet feugiat, pede. Sed lectus. Donec mollis hendrerit risus. Phasellus nec sem in justo pellentesque facilisis. Etiam imperdiet imperdiet orci. Nunc nec neque. Phasellus leo dolor, tempus non, auctor et, hendrerit quis, nisi.

Curabitur ligula sapien, tincidunt non, euismod vitae, posuere imperdiet, leo. Maecenas malesuada. Praesent congue erat at massa. Sed cursus turpis vitae tortor. Donec posuere vulputate arcu. Phasellus accumsan cursus velit. Vestibulum ante ipsum primis in faucibus orci luctus et ultrices posuere cubilia Curae; Sed aliquam, nisi quis porttitor congue, elit erat euismod orci.

Praesent egestas neque eu enim. In hac habitasse platea dictumst. Fusce a quam. Etiam ut purus mattis mauris sodales aliquam. Curabitur nisi. Quisque malesuada placerat nisl. Nam ipsum risus, rutrum vitae, vestibulum eu, molestie vel, lacus. Sed augue ipsum, egestas nec, vestibulum et, malesuada adipiscing, dui.

Vestibulum facilisis, purus nec pulvinar iaculis, ligula mi congue nunc, vitae euismod ligula urna in dolor. Mauris sollicitudin fermentum libero. Praesent nonummy mi in odio. Nunc interdum lacus sit amet orci. Vestibulum rutrum, mi nec elementum vehicula, eros quam gravida nisl, id fringilla neque ante vel mi.

Morbi mollis tellus ac sapien. Phasellus volutpat, metus eget egestas mollis, lacus lacus blandit dui, id egestas quam mauris ut lacus. Fusce vel dui. Sed in libero ut nibh placerat accumsan. Proin faucibus arcu quis ante. In consectetuer turpis ut velit. Nulla sit amet est. Praesent metus tellus, elementum eu, semper a, adipiscing nec, purus.

Cras risus ipsum, faucibus ut, ullamcorper id, varius ac, leo. Suspendisse feugiat. Suspendisse enim turpis, dictum sed, iaculis a, condimentum nec, nisi. Praesent nec nisl a purus blandit viverra. Praesent ac massa at ligula laoreet iaculis. Nulla neque dolor, sagittis eget, iaculis quis, molestie non, velit.

Mauris turpis nunc, blandit et, volutpat molestie, porta ut, ligula. Fusce pharetra convallis urna. Quisque ut nisi. Donec mi odio, faucibus at, scelerisque quis, convallis in, nisi. Suspendisse non nisl sit amet velit hendrerit rutrum. Ut leo. Ut a nisl id ante tempus hendrerit. Proin pretium, leo ac pellentesque mollis, felis nunc ultrices eros, sed gravida augue augue mollis justo.

Nullam lorem magna congue id, fringilla et, elementum sed, purus. Duis molestie ipsum. Vivamus quis odio id erat. Mauris sodales. Nullam aliquet consectetuer elit. Nunc ullamcorper ornare ligula. Curabitur faucibus orci. Phasellus luctus justo ut velit. Sed ut nisl vitae lectus ornare pellentesque quis. Lorem ipsum dolor sit amet, consectetuer adipiscing elit.

Suspendisse imperdiet, dolor eu dignissim mollis, justo quam iaculis pede, vel tincidunt lacus nisl at lorem. Fusce ac nisl vel purus tempor varius. Phasellus mollis ornare ligula. Donec id nibh. Vestibulum mattis quam, ultrices in, sagittis tincidunt, suscipit et, sapien. Sed fermentum, lectus vitae molestie, pretium quam. Nam suscipit lorem sit amet arcu. Nullam at lorem.

Aliquam erat volutpat. Vestibulum ante ipsum primis in faucibus orci luctus et ultrices posuere cubilia Curae; Curabitur vitae felis. Quisque nibh leo, tincidunt quis, varius vitae, aliquet pharetra, lorem. Vivamus dui magna, ultricies eu, sagittis ut, feugiat eget, lectus. Integer sed justo eget nunc molestie viverra. Donec ut lorem at dolor aliquet tristique.

Morbi tristique senectus et netus et malesuada fames ac turpis egestas. Pellentesque habitant morbi tristique senectus. Nulla facilisi. Mauris eget eros in nibh vehicula pretium. Donec nec nisl ut nulla hendrerit aliquet. Etiam quis velit vel justo condimentum posuere. Cras ac sem vel mi rutrum tristique.

Curabitur et ligula. Ut molestie a, ultricies porta urna. Vestibulum commodo volutpat a, convallis ac, laoreet enim. Phasellus fermentum in, dolor. Pellentesque facilisis. Nulla imperdiet sit amet magna. Vestibulum dapibus, mauris nec malesuada fames ac turpis velit, rhoncus eu, luctus et interdum adipiscing, wisi.

Aliquam erat ac ipsum. Integer aliquam purus. Quisque lorem tortor fringilla sed, vestibulum id, eleifend justo vel bibendum sapien massa ac turpis faucibus orci luctus non, consectetuer lobortis quis, varius in, purus. Integer ultrices posuere cubilia Curae.

Nullam dictum felis eu pede mollis pretium. Integer tincidunt. Cras dapibus. Vivamus elementum semper nisi. Aenean vulputate eleifend tellus. Aenean leo ligula, porttitor eu, consequat vitae, eleifend ac, enim. Aliquam lorem ante, dapibus in, viverra quis, feugiat a, tellus. Phasellus viverra nulla ut metus varius laoreet.

Quisque rutrum. Aenean imperdiet. Etiam ultricies nisi vel augue. Curabitur ullamcorper ultricies nisi. Nam eget dui. Etiam rhoncus. Maecenas tempus, tellus eget condimentum rhoncus, sem quam semper libero, sit amet adipiscing sem neque sed ipsum. Nam quam nunc, blandit vel, luctus pulvinar, hendrerit id, lorem.

Maecenas nec odio et ante tincidunt tempus. Donec vitae sapien ut libero venenatis faucibus. Nullam quis ante. Etiam sit amet orci eget eros faucibus tincidunt. Duis leo. Sed fringilla mauris sit amet nibh. Donec sodales sagittis magna. Sed consequat, leo eget bibendum sodales, augue velit cursus nunc, quis gravida magna mi a libero.

Fusce vulputate eleifend sapien. Vestibulum purus quam, scelerisque ut, mollis sed, nonummy id, metus. Nullam accumsan lorem in dui. Cras ultricies mi eu turpis hendrerit fringilla. Vestibulum ante ipsum primis in faucibus orci luctus et ultrices posuere cubilia Curae; In ac dui quis mi consectetuer lacinia.

Nam pretium turpis et arcu. Duis arcu tortor, suscipit eget, imperdiet nec, imperdiet iaculis, ipsum. Sed aliquam ultrices mauris. Integer ante arcu, accumsan a, consectetuer eget, posuere ut, mauris. Praesent adipiscing. Phasellus ullamcorper ipsum rutrum nunc. Nunc nonummy metus. Vestibulum volutpat pretium libero.

Cras id dui. Aenean ut eros et nisl sagittis vestibulum. Nullam nulla eros, ultricies sit amet, nonummy id, imperdiet feugiat, pede. Sed lectus. Donec mollis hendrerit risus. Phasellus nec sem in justo pellentesque facilisis. Etiam imperdiet imperdiet orci. Nunc nec neque. Phasellus leo dolor, tempus non, auctor et, hendrerit quis, nisi.

Curabitur ligula sapien, tincidunt non, euismod vitae, posuere imperdiet, leo. Maecenas malesuada. Praesent congue erat at massa. Sed cursus turpis vitae tortor. Donec posuere vulputate arcu. Phasellus accumsan cursus velit. Vestibulum ante ipsum primis in faucibus orci luctus et ultrices posuere cubilia Curae; Sed aliquam, nisi quis porttitor congue, elit erat euismod orci.

Praesent egestas neque eu enim. In hac habitasse platea dictumst. Fusce a quam. Etiam ut purus mattis mauris sodales aliquam. Curabitur nisi. Quisque malesuada placerat nisl. Nam ipsum risus, rutrum vitae, vestibulum eu, molestie vel, lacus. Sed augue ipsum, egestas nec, vestibulum et, malesuada adipiscing, dui.

Vestibulum facilisis, purus nec pulvinar iaculis, ligula mi congue nunc, vitae euismod ligula urna in dolor. Mauris sollicitudin fermentum libero. Praesent nonummy mi in odio. Nunc interdum lacus sit amet orci. Vestibulum rutrum, mi nec elementum vehicula, eros quam gravida nisl, id fringilla neque ante vel mi.

Morbi mollis tellus ac sapien. Phasellus volutpat, metus eget egestas mollis, lacus lacus blandit dui, id egestas quam mauris ut lacus. Fusce vel dui. Sed in libero ut nibh placerat accumsan. Proin faucibus arcu quis ante. In consectetuer turpis ut velit. Nulla sit amet est. Praesent metus tellus, elementum eu, semper a, adipiscing nec, purus.

Cras risus ipsum, faucibus ut, ullamcorper id, varius ac, leo. Suspendisse feugiat. Suspendisse enim turpis, dictum sed, iaculis a, condimentum nec, nisi. Praesent nec nisl a purus blandit viverra. Praesent ac massa at ligula laoreet iaculis. Nulla neque dolor, sagittis eget, iaculis quis, molestie non, velit.

Mauris turpis nunc, blandit et, volutpat molestie, porta ut, ligula. Fusce pharetra convallis urna. Quisque ut nisi. Donec mi odio, faucibus at, scelerisque quis, convallis in, nisi. Suspendisse non nisl sit amet velit hendrerit rutrum. Ut leo. Ut a nisl id ante tempus hendrerit. Proin pretium, leo ac pellentesque mollis, felis nunc ultrices eros, sed gravida augue augue mollis justo.

Nullam lorem magna congue id, fringilla et, elementum sed, purus. Duis molestie ipsum. Vivamus quis odio id erat. Mauris sodales. Nullam aliquet consectetuer elit. Nunc ullamcorper ornare ligula. Curabitur faucibus orci. Phasellus luctus justo ut velit. Sed ut nisl vitae lectus ornare pellentesque quis. Lorem ipsum dolor sit amet, consectetuer adipiscing elit.

Suspendisse imperdiet, dolor eu dignissim mollis, justo quam iaculis pede, vel tincidunt lacus nisl at lorem. Fusce ac nisl vel purus tempor varius. Phasellus mollis ornare ligula. Donec id nibh. Vestibulum mattis quam, ultrices in, sagittis tincidunt, suscipit et, sapien. Sed fermentum, lectus vitae molestie, pretium quam. Nam suscipit lorem sit amet arcu. Nullam at lorem.

Aliquam erat volutpat. Vestibulum ante ipsum primis in faucibus orci luctus et ultrices posuere cubilia Curae; Curabitur vitae felis. Quisque nibh leo, tincidunt quis, varius vitae, aliquet pharetra, lorem. Vivamus dui magna, ultricies eu, sagittis ut, feugiat eget, lectus. Integer sed justo eget nunc molestie viverra. Donec ut lorem at dolor aliquet tristique.

Morbi tristique senectus et netus et malesuada fames ac turpis egestas. Pellentesque habitant morbi tristique senectus. Nulla facilisi. Mauris eget eros in nibh vehicula pretium. Donec nec nisl ut nulla hendrerit aliquet. Etiam quis velit vel justo condimentum posuere. Cras ac sem vel mi rutrum tristique.

Curabitur et ligula. Ut molestie a, ultricies porta urna. Vestibulum commodo volutpat a, convallis ac, laoreet enim. Phasellus fermentum in, dolor. Pellentesque facilisis. Nulla imperdiet sit amet magna. Vestibulum dapibus, mauris nec malesuada fames ac turpis velit, rhoncus eu, luctus et interdum adipiscing, wisi.
